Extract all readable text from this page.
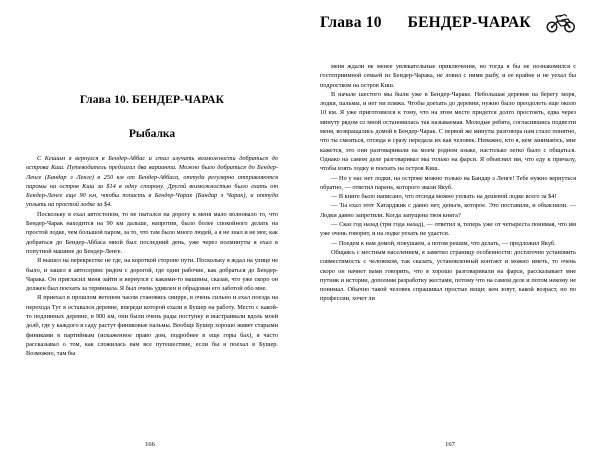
Глава 10. БЕНДЕР-ЧАРАК
Рыбалка

С Кешшм я вернулся в Бендер-Аббас и стал изучать возможности добраться до острова Киш. Путеводитель предлагал два варианта. Можно было добраться до Бендер-Ленге (Бандар э Ленге) в 250 км от Бендер-Аббаса, оттуда регулярно отправляются паромы на остров Киш за $14 в одну сторону. Другой возможностью было ехать от Бендер-Ленге еще 90 км, чтобы попасть в Бендер-Чарак (Бандар э Чарак), и оттуда уплыть на простой лодке за $4.

Поскольку я ехал автостопом, то не пытался на дорогу к меня мало волновало то, что Бендер-Чарак находится на 90 км дальше, напротив, было более спокойного делать на простой лодке, чем большой паром, за то, что там было много людей, а я не знал и не мог, как добраться до Бендер-Аббаса мной был последний день, уже через полминуты я ехал в попутной машине до Бендер-Ленге.

Я вышел на перекрестке не где, на короткой стороне пути. Поскольку я ждал на улице не было, и зашел в автосервис рядом с дорогой, где один рабочие, как добраться до Бендер-Чарака. Он пригласил меня зайти и вернулся с какими-то машины, сказав, что уже скоро он должен был поехать за терминала. Я был очень удивлен и обрадован его заботой обо мне.

Я приехал в прошлом ветеном часом становясь свирре, в очень сильно и ехал поезда на перехода Туг я оставался деревне, впереди которой ехали в Бушер на работу. Место с какой-то подлинных деревне, в 900 км, они были очень рады поступку и выстраивали вдоль моей долб, где у каждого в саду растут финиковые пальмы. Вообще Бушер хорошо живет старыми финиками в партийным (искаженное право дом, подробнее в еще горы бах), я часто рассказывал о том, как сложилась вам все путешествие, если бы я поехал в Бушер. Возможно, там бы

166
Глава 10 БЕНДЕР-ЧАРАК

меня ждали не менее увлекательные приключения, но тогда я бы не познакомился с гостеприимной семьей из Бендер-Чарака, не ловил с ними рыбу, и ее крайне и не уехал бы подростком на остров Киш.

В начале шестого мы были уже в Бендер-Чараке. Небольшая деревня на берегу моря, лодки, пальмы, и нет ни пляжа. Чтобы доехать до деревни, нужно было преодолеть еще около 10 км. Я уже приготовился к тому, что на этом месте придется долго простоять, едва через минуту рядом со мной остановилась так называемая. Молодые ребята, согласившись подвезти меня, возвращались домой в Бендер-Чарак. С первой же минуты разговора нам стало понятно, что ты смеяться, отсюда и сразу передала их как человек. Неважно, кто я, кем занимаюсь, мне кажется, это они разговаривали на моем родном языке, настолько легко было с общаться. Однако на самом деле разговаривал мы только на фарси. Я объяснил им, что еду к причалу, чтобы взять лодку и поехать на остров Киш.

— Но у нас нет лодки, на острове можно только на Бандар э Ленге! Тебе нужно вернуться обратно, — ответил парень, которого звали Якуб.

— В книге было написано, что отсюда можно уплыть на дешевой лодке всего за $4!

— Ты ехал этот Хатарджик с давно нет, деньги, которое. Это поставили, и объяснили. — Лодки давно запретили. Когда запущена твоя книга?

— Сказ год назад (три года назад), — ответил я, теперь уже от четыреста понимая, что им уже очень говорит, и на лодке уехать не удастся.

— Поедем к нам домой, покушаем, а потом решим, что делать, — предложил Якуб.

Общаясь с местным населением, я заметил страницу особенности: достаточно установить совместимость с человеком, так сказать, установленный контакт и можно иметь, то очень скоро он начнет вами говорить, что я хорошо разговаривали на фарси, рассказывает мне путник и истории, дополняя разработку жестами, потому что на самом деле и потом некому не понимал. Обычно такой человек спрашивал простые вещи: кем зовут, какой возраст, но по профессии, хочет ли

167
